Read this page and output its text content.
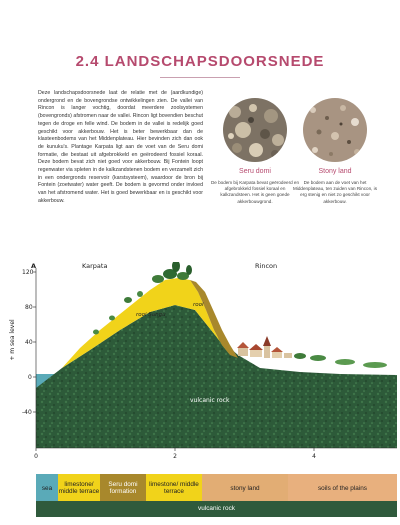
2.4 LANDSCHAPSDOORSNEDE
Deze landschapsdoorsnede laat de relatie met de (aardkundige) ondergrond en de bovengrondse ontwikkelingen zien. De vallei van Rincon is langer vochtig, doordat meerdere zoolsystemen (bovengronds) afstromen naar de vallei. Rincon ligt bovendien beschut tegen de droge en felle wind. De bodem in de vallei is redelijk goed geschikt voor akkerbouw. Het is beter bewerkbaar dan de klasteenbodems van het Middenplateau. Hier bevinden zich dan ook de kunuku's. Plantage Karpata ligt aan de voet van de Seru domi formatie, die bestaat uit afgebrokkeld en geërodeerd fossiel koraal. Deze bodem bevat zich niet goed voor akkerbouw. Bij Fontein loopt regenwater via spleten in de kalkzandstenen bodem en verzamelt zich in een ondergronds reservoir (karstsysteem), waardoor de bron bij Fontein (zoetwater) water geeft. De bodem is gevormd onder invloed van het afstromend water. Het is goed bewerkbaar en is geschikt voor akkerbouw.
Seru domi
De bodem bij Karpata bevat geërodeerd en afgebrokkeld fossiel koraal en kalkzandsteen. Het is geen goede akkerbouwgrond.
Stony land
De bodem aan de voet van het Middenplateau, ten zuiden van Rincon, is erg stenig en niet zo geschikt voor akkerbouw.
120
80
40
0
-40
+ m sea level
0	2	4
A	Karpata	Rincon
rooi Sangu
rooi
vulcanic rock
sea	limestone/ middle terrace
Seru domi formation
limestone/ middle terrace	stony land	soils of the plains
vulcanic rock
